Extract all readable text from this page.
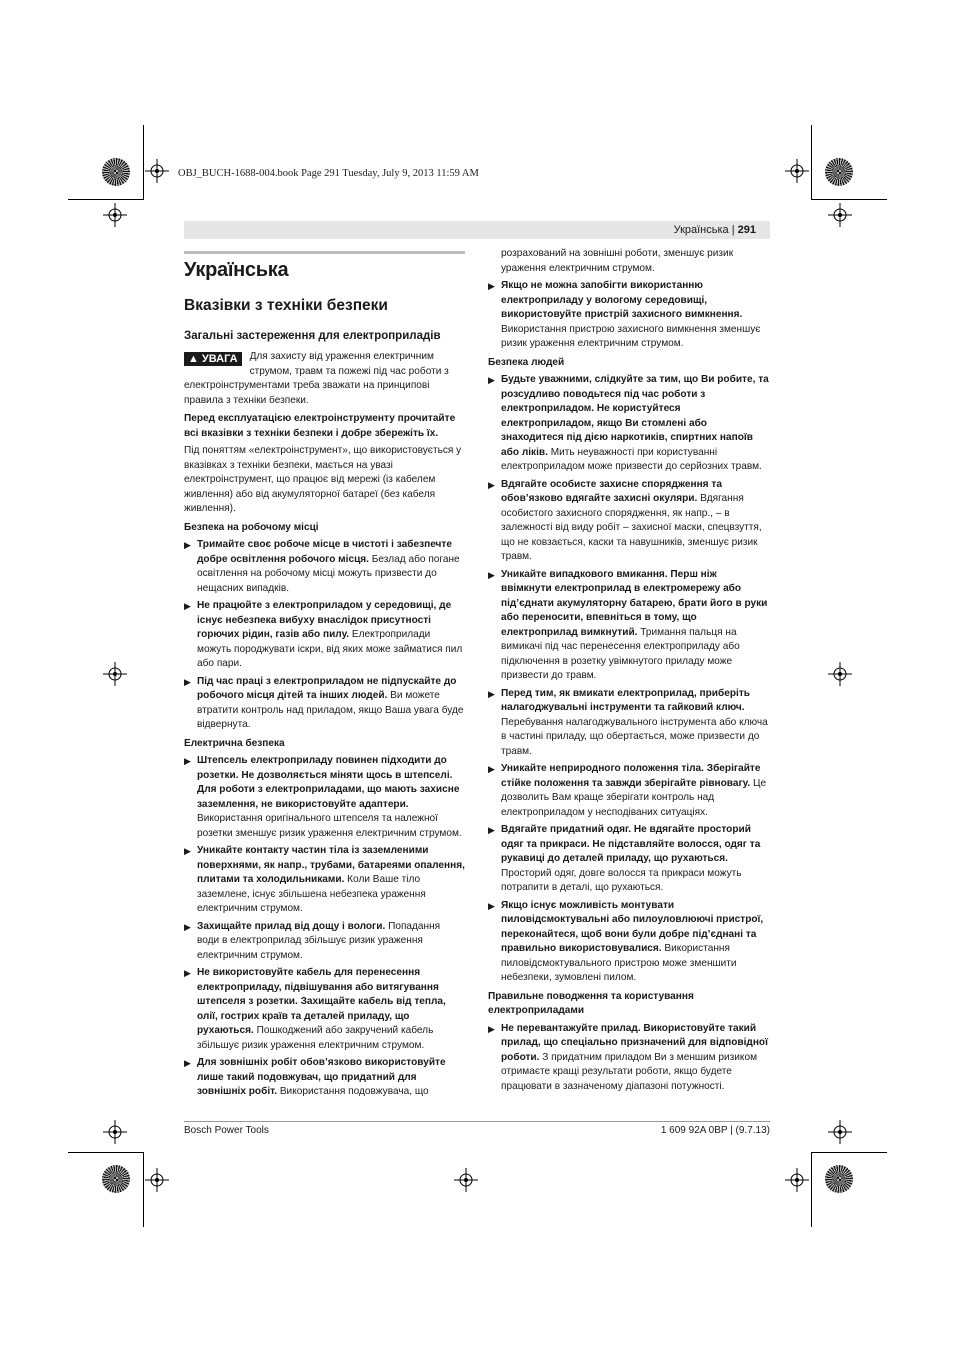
OBJ_BUCH-1688-004.book Page 291 Tuesday, July 9, 2013 11:59 AM
Українська | 291
Українська
Вказівки з техніки безпеки
Загальні застереження для електроприладів
▲ УВАГА	Для захисту від ураження електричним струмом, травм та пожежі під час роботи з електроінструментами треба зважати на принципові правила з техніки безпеки.

Перед експлуатацією електроінструменту прочитайте всі вказівки з техніки безпеки і добре збережіть їх.

Під поняттям «електроінструмент», що використовується у вказівках з техніки безпеки, мається на увазі електроінструмент, що працює від мережі (із кабелем живлення) або від акумуляторної батареї (без кабеля живлення).

Безпека на робочому місці

▶ Тримайте своє робоче місце в чистоті і забезпечте добре освітлення робочого місця. Безлад або погане освітлення на робочому місці можуть призвести до нещасних випадків.
▶ Не працюйте з електроприладом у середовищі, де існує небезпека вибуху внаслідок присутності горючих рідин, газів або пилу. Електроприлади можуть породжувати іскри, від яких може займатися пил або пари.
▶ Під час праці з електроприладом не підпускайте до робочого місця дітей та інших людей. Ви можете втратити контроль над приладом, якщо Ваша увага буде відвернута.

Електрична безпека

▶ Штепсель електроприладу повинен підходити до розетки. Не дозволяється міняти щось в штепселі. Для роботи з електроприладами, що мають захисне заземлення, не використовуйте адаптери. Використання оригінального штепселя та належної розетки зменшує ризик ураження електричним струмом.
▶ Уникайте контакту частин тіла із заземленими поверхнями, як напр., трубами, батареями опалення, плитами та холодильниками. Коли Ваше тіло заземлене, існує збільшена небезпека ураження електричним струмом.
▶ Захищайте прилад від дощу і вологи. Попадання води в електроприлад збільшує ризик ураження електричним струмом.
▶ Не використовуйте кабель для перенесення електроприладу, підвішування або витягування штепселя з розетки. Захищайте кабель від тепла, олії, гострих країв та деталей приладу, що рухаються. Пошкоджений або закручений кабель збільшує ризик ураження електричним струмом.
▶ Для зовнішніх робіт обов’язково використовуйте лише такий подовжувач, що придатний для зовнішніх робіт. Використання подовжувача, що

розрахований на зовнішні роботи, зменшує ризик ураження електричним струмом.

▶ Якщо не можна запобігти використанню електроприладу у вологому середовищі, використовуйте пристрій захисного вимкнення. Використання пристрою захисного вимкнення зменшує ризик ураження електричним струмом.

Безпека людей

▶ Будьте уважними, слідкуйте за тим, що Ви робите, та розсудливо поводьтеся під час роботи з електроприладом. Не користуйтеся електроприладом, якщо Ви стомлені або знаходитеся під дією наркотиків, спиртних напоїв або ліків. Мить неуважності при користуванні електроприладом може призвести до серйозних травм.
▶ Вдягайте особисте захисне спорядження та обов’язково вдягайте захисні окуляри. Вдягання особистого захисного спорядження, як напр., – в залежності від виду робіт – захисної маски, спецвзуття, що не ковзається, каски та навушників, зменшує ризик травм.
▶ Уникайте випадкового вмикання. Перш ніж ввімкнути електроприлад в електромережу або під’єднати акумуляторну батарею, брати його в руки або переносити, впевніться в тому, що електроприлад вимкнутий. Тримання пальця на вимикачі під час перенесення електроприладу або підключення в розетку увімкнутого приладу може призвести до травм.
▶ Перед тим, як вмикати електроприлад, приберіть налагоджувальні інструменти та гайковий ключ. Перебування налагоджувального інструмента або ключа в частині приладу, що обертається, може призвести до травм.
▶ Уникайте неприродного положення тіла. Зберігайте стійке положення та завжди зберігайте рівновагу. Це дозволить Вам краще зберігати контроль над електроприладом у несподіваних ситуаціях.
▶ Вдягайте придатний одяг. Не вдягайте просторий одяг та прикраси. Не підставляйте волосся, одяг та рукавиці до деталей приладу, що рухаються. Просторий одяг, довге волосся та прикраси можуть потрапити в деталі, що рухаються.
▶ Якщо існує можливість монтувати пиловідсмоктувальні або пилоуловлюючі пристрої, переконайтеся, щоб вони були добре під’єднані та правильно використовувалися. Використання пиловідсмоктувального пристрою може зменшити небезпеки, зумовлені пилом.

Правильне поводження та користування електроприладами

▶ Не перевантажуйте прилад. Використовуйте такий прилад, що спеціально призначений для відповідної роботи. З придатним приладом Ви з меншим ризиком отримаєте кращі результати роботи, якщо будете працювати в зазначеному діапазоні потужності.
Bosch Power Tools	1 609 92A 0BP | (9.7.13)
